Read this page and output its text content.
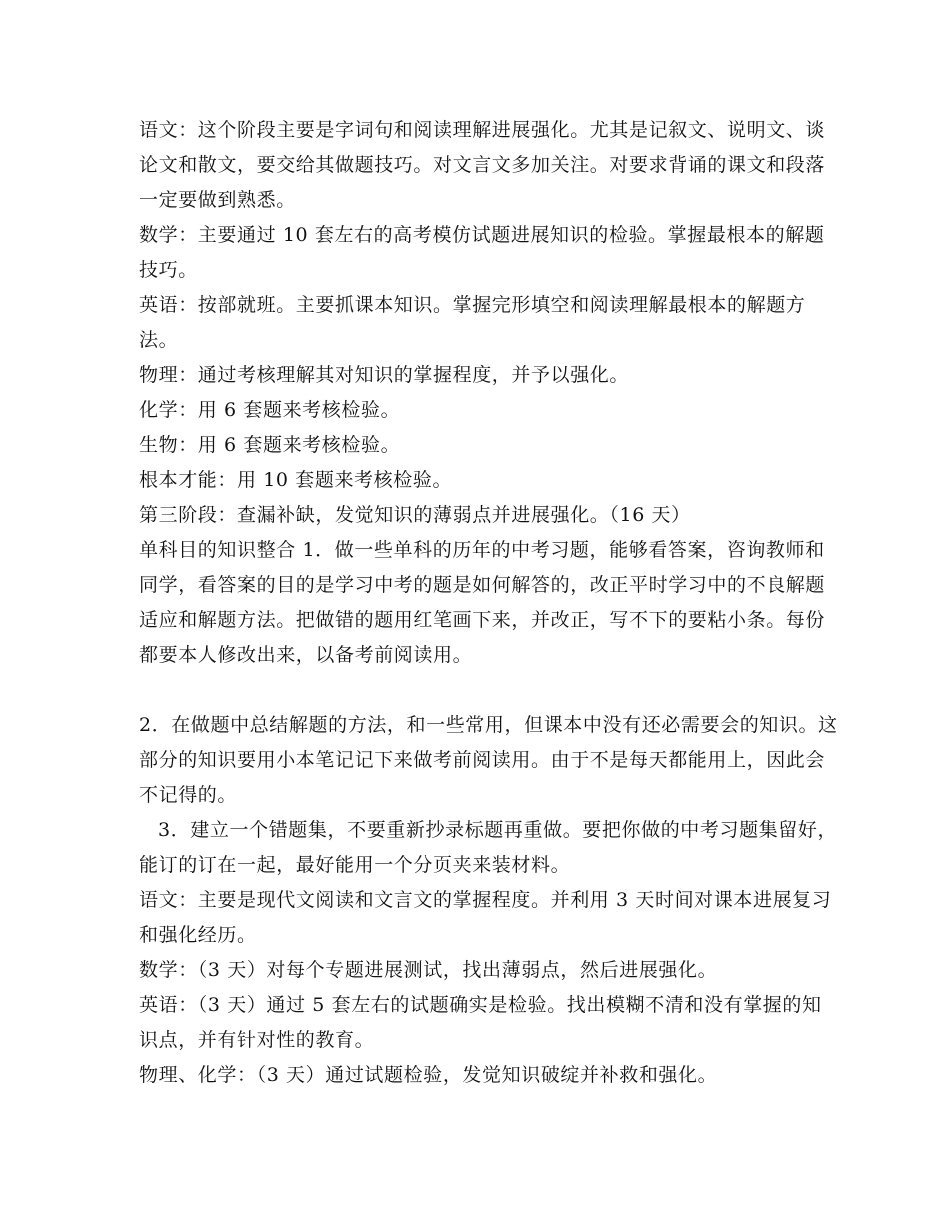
语文：这个阶段主要是字词句和阅读理解进展强化。尤其是记叙文、说明文、谈论文和散文，要交给其做题技巧。对文言文多加关注。对要求背诵的课文和段落一定要做到熟悉。

数学：主要通过 10 套左右的高考模仿试题进展知识的检验。掌握最根本的解题技巧。

英语：按部就班。主要抓课本知识。掌握完形填空和阅读理解最根本的解题方法。

物理：通过考核理解其对知识的掌握程度，并予以强化。

化学：用 6 套题来考核检验。

生物：用 6 套题来考核检验。

根本才能：用 10 套题来考核检验。

第三阶段：查漏补缺，发觉知识的薄弱点并进展强化。（16 天）

单科目的知识整合 1．做一些单科的历年的中考习题，能够看答案，咨询教师和同学，看答案的目的是学习中考的题是如何解答的，改正平时学习中的不良解题适应和解题方法。把做错的题用红笔画下来，并改正，写不下的要粘小条。每份都要本人修改出来，以备考前阅读用。

2．在做题中总结解题的方法，和一些常用，但课本中没有还必需要会的知识。这部分的知识要用小本笔记记下来做考前阅读用。由于不是每天都能用上，因此会不记得的。

3．建立一个错题集，不要重新抄录标题再重做。要把你做的中考习题集留好，能订的订在一起，最好能用一个分页夹来装材料。

语文：主要是现代文阅读和文言文的掌握程度。并利用 3 天时间对课本进展复习和强化经历。

数学：（3 天）对每个专题进展测试，找出薄弱点，然后进展强化。

英语：（3 天）通过 5 套左右的试题确实是检验。找出模糊不清和没有掌握的知识点，并有针对性的教育。

物理、化学：（3 天）通过试题检验，发觉知识破绽并补救和强化。
